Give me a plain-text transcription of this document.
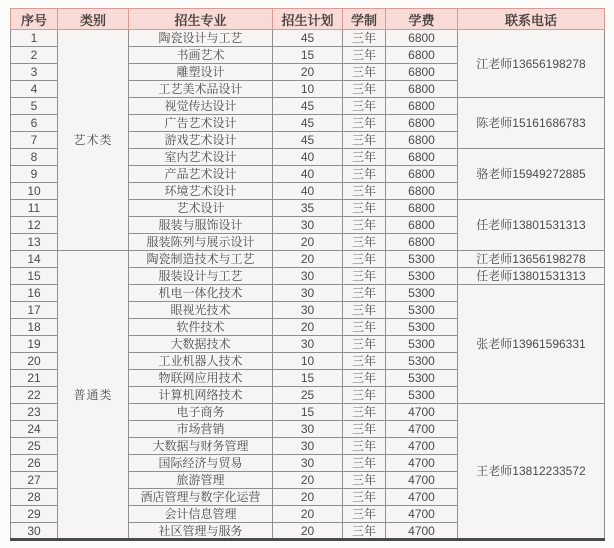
序号	类别	招生专业	招生计划	学制	学费	联系电话
1	艺术类	陶瓷设计与工艺	45	三年	6800	江老师13656198278
2		书画艺术	15	三年	6800	
3		雕塑设计	20	三年	6800	
4		工艺美术品设计	10	三年	6800	
5		视觉传达设计	45	三年	6800	陈老师15161686783
6		广告艺术设计	45	三年	6800	
7		游戏艺术设计	45	三年	6800	
8		室内艺术设计	40	三年	6800	骆老师15949272885
9		产品艺术设计	40	三年	6800	
10		环境艺术设计	40	三年	6800	
11		艺术设计	35	三年	6800	任老师13801531313
12		服装与服饰设计	30	三年	6800	
13		服装陈列与展示设计	20	三年	6800	
14	普通类	陶瓷制造技术与工艺	20	三年	5300	江老师13656198278
15		服装设计与工艺	30	三年	5300	任老师13801531313
16		机电一体化技术	30	三年	5300	张老师13961596331
17		眼视光技术	30	三年	5300	
18		软件技术	20	三年	5300	
19		大数据技术	30	三年	5300	
20		工业机器人技术	10	三年	5300	
21		物联网应用技术	15	三年	5300	
22		计算机网络技术	25	三年	5300	
23		电子商务	15	三年	4700	王老师13812233572
24		市场营销	30	三年	4700	
25		大数据与财务管理	30	三年	4700	
26		国际经济与贸易	30	三年	4700	
27		旅游管理	20	三年	4700	
28		酒店管理与数字化运营	20	三年	4700	
29		会计信息管理	20	三年	4700	
30		社区管理与服务	20	三年	4700	
